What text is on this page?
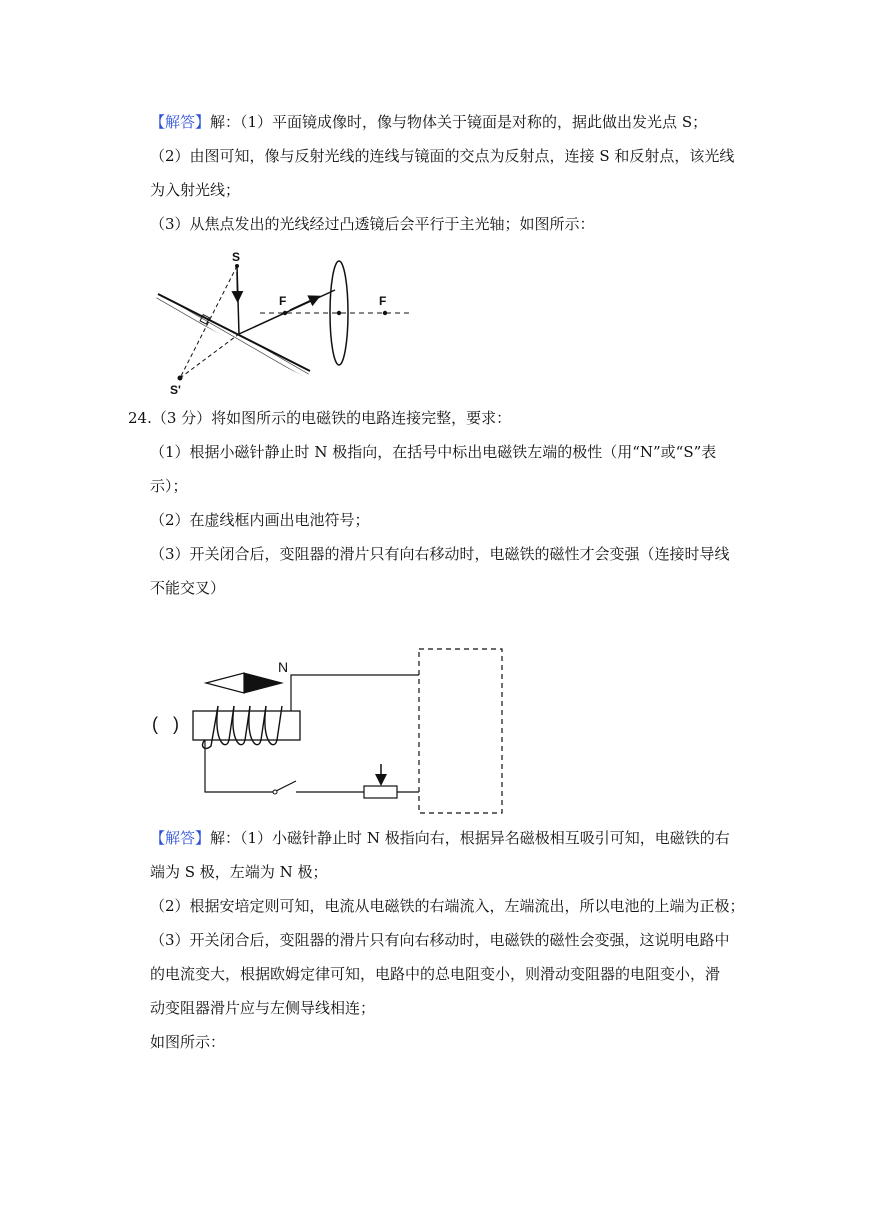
【解答】解：（1）平面镜成像时，像与物体关于镜面是对称的，据此做出发光点 S；
（2）由图可知，像与反射光线的连线与镜面的交点为反射点，连接 S 和反射点，该光线
为入射光线；
（3）从焦点发出的光线经过凸透镜后会平行于主光轴；如图所示：
S
S'
F	F
N
(   )
24.（3 分）将如图所示的电磁铁的电路连接完整，要求：
（1）根据小磁针静止时 N 极指向，在括号中标出电磁铁左端的极性（用“N”或“S”表
示）；
（2）在虚线框内画出电池符号；
（3）开关闭合后，变阻器的滑片只有向右移动时，电磁铁的磁性才会变强（连接时导线
不能交叉）
【解答】解：（1）小磁针静止时 N 极指向右，根据异名磁极相互吸引可知，电磁铁的右
端为 S 极，左端为 N 极；
（2）根据安培定则可知，电流从电磁铁的右端流入，左端流出，所以电池的上端为正极；
（3）开关闭合后，变阻器的滑片只有向右移动时，电磁铁的磁性会变强，这说明电路中
的电流变大，根据欧姆定律可知，电路中的总电阻变小，则滑动变阻器的电阻变小，滑
动变阻器滑片应与左侧导线相连；
如图所示：
